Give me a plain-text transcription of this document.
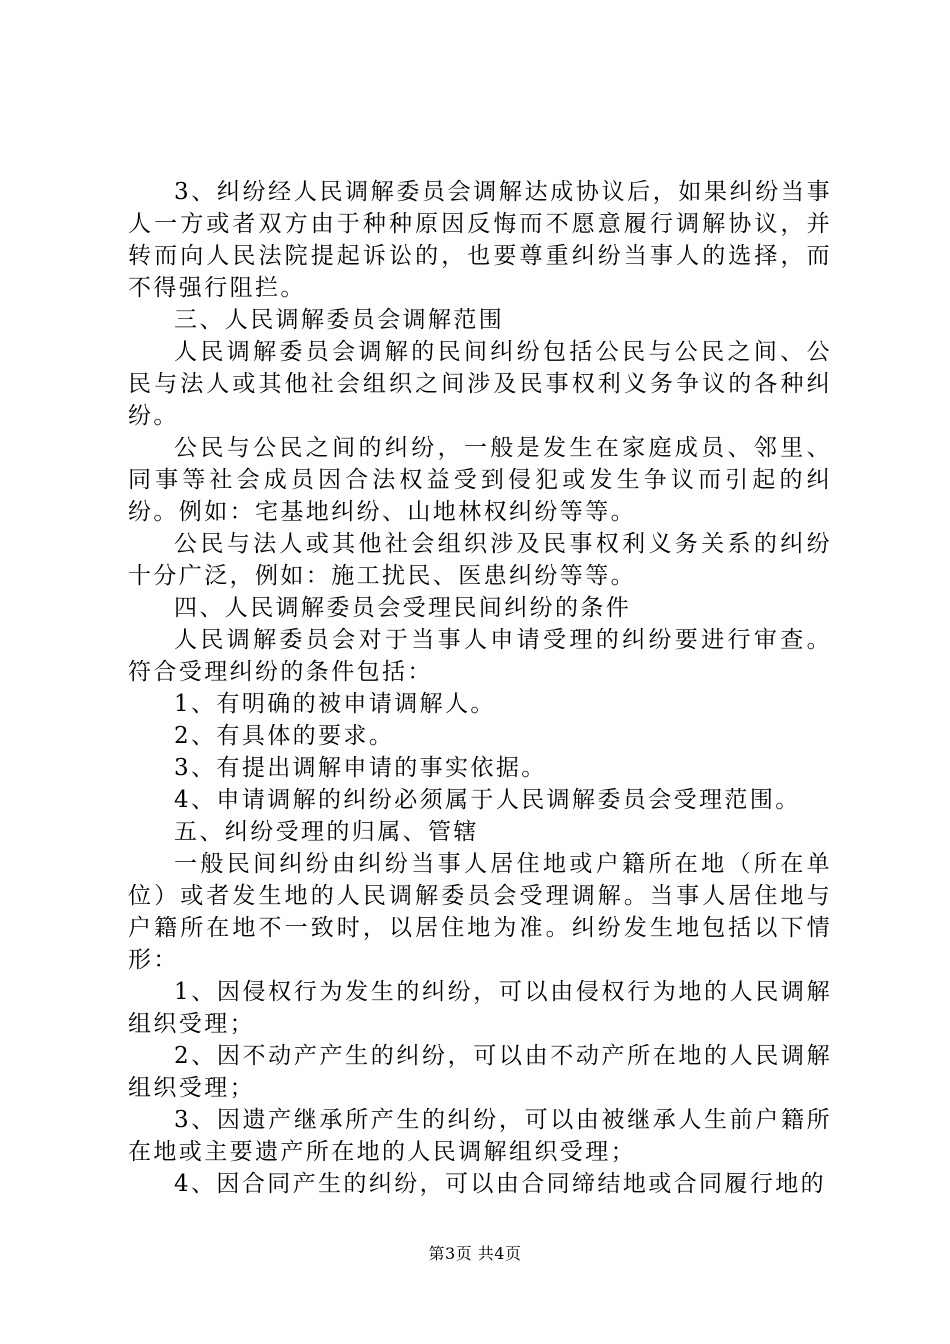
3、纠纷经人民调解委员会调解达成协议后，如果纠纷当事人一方或者双方由于种种原因反悔而不愿意履行调解协议，并转而向人民法院提起诉讼的，也要尊重纠纷当事人的选择，而不得强行阻拦。

三、人民调解委员会调解范围

人民调解委员会调解的民间纠纷包括公民与公民之间、公民与法人或其他社会组织之间涉及民事权利义务争议的各种纠纷。

公民与公民之间的纠纷，一般是发生在家庭成员、邻里、同事等社会成员因合法权益受到侵犯或发生争议而引起的纠纷。例如：宅基地纠纷、山地林权纠纷等等。

公民与法人或其他社会组织涉及民事权利义务关系的纠纷十分广泛，例如：施工扰民、医患纠纷等等。

四、人民调解委员会受理民间纠纷的条件

人民调解委员会对于当事人申请受理的纠纷要进行审查。符合受理纠纷的条件包括：

1、有明确的被申请调解人。

2、有具体的要求。

3、有提出调解申请的事实依据。

4、申请调解的纠纷必须属于人民调解委员会受理范围。

五、纠纷受理的归属、管辖

一般民间纠纷由纠纷当事人居住地或户籍所在地（所在单位）或者发生地的人民调解委员会受理调解。当事人居住地与户籍所在地不一致时，以居住地为准。纠纷发生地包括以下情形：

1、因侵权行为发生的纠纷，可以由侵权行为地的人民调解组织受理；

2、因不动产产生的纠纷，可以由不动产所在地的人民调解组织受理；

3、因遗产继承所产生的纠纷，可以由被继承人生前户籍所在地或主要遗产所在地的人民调解组织受理；

4、因合同产生的纠纷，可以由合同缔结地或合同履行地的

第3页 共4页
